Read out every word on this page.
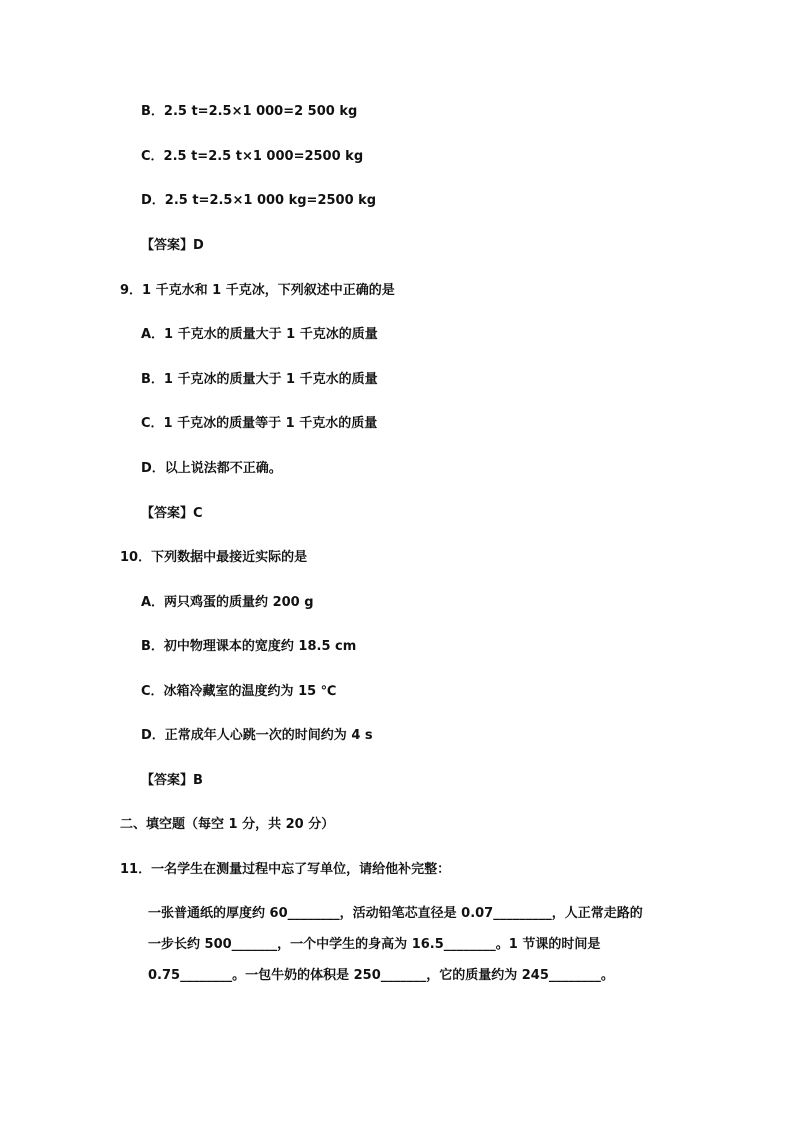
B．2.5 t=2.5×1 000=2 500 kg
C．2.5 t=2.5 t×1 000=2500 kg
D．2.5 t=2.5×1 000 kg=2500 kg
【答案】D
9．1 千克水和 1 千克冰，下列叙述中正确的是
A．1 千克水的质量大于 1 千克冰的质量
B．1 千克冰的质量大于 1 千克水的质量
C．1 千克冰的质量等于 1 千克水的质量
D．以上说法都不正确。
【答案】C
10．下列数据中最接近实际的是
A．两只鸡蛋的质量约 200 g
B．初中物理课本的宽度约 18.5 cm
C．冰箱冷藏室的温度约为 15 ℃
D．正常成年人心跳一次的时间约为 4 s
【答案】B
二、填空题（每空 1 分，共 20 分）
11．一名学生在测量过程中忘了写单位，请给他补完整：
一张普通纸的厚度约 60________，活动铅笔芯直径是 0.07_________，人正常走路的
一步长约 500_______，一个中学生的身高为 16.5________。1 节课的时间是
0.75________。一包牛奶的体积是 250_______，它的质量约为 245________。
